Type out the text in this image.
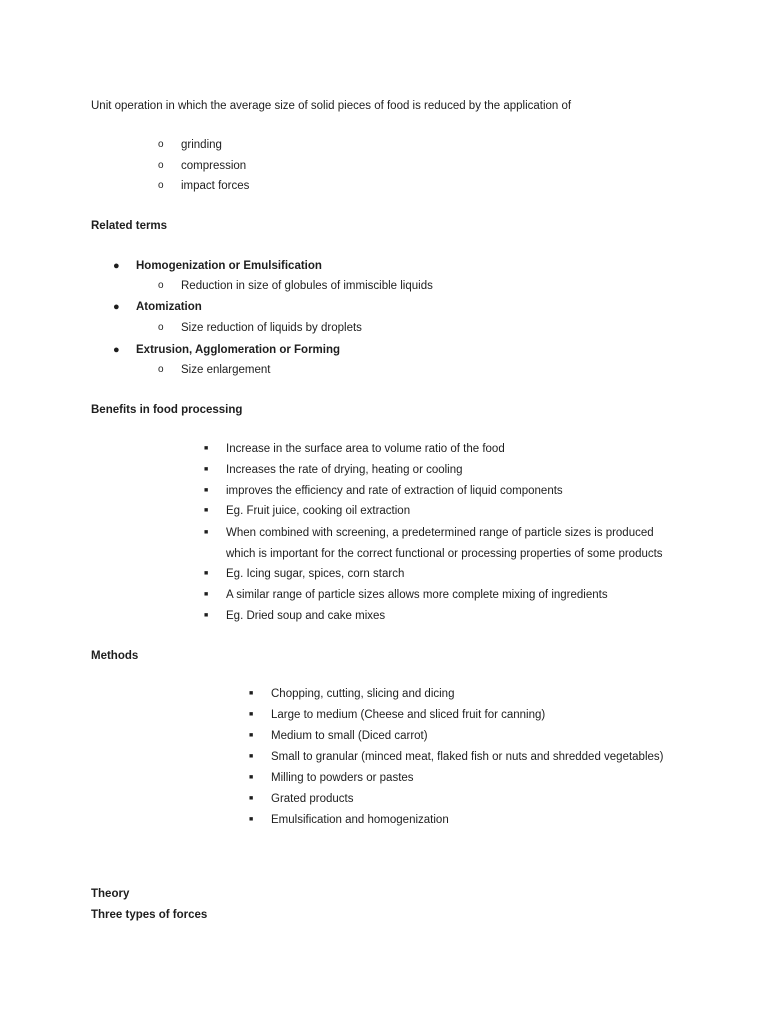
Unit operation in which the average size of solid pieces of food is reduced by the application of
o grinding
o compression
o impact forces
Related terms
● Homogenization or Emulsification
o Reduction in size of globules of immiscible liquids
● Atomization
o Size reduction of liquids by droplets
● Extrusion, Agglomeration or Forming
o Size enlargement
Benefits in food processing
■ Increase in the surface area to volume ratio of the food
■ Increases the rate of drying, heating or cooling
■ improves the efficiency and rate of extraction of liquid components
■ Eg. Fruit juice, cooking oil extraction
■ When combined with screening, a predetermined range of particle sizes is produced
which is important for the correct functional or processing properties of some products
■ Eg. Icing sugar, spices, corn starch
■ A similar range of particle sizes allows more complete mixing of ingredients
■ Eg. Dried soup and cake mixes
Methods
■ Chopping, cutting, slicing and dicing
■ Large to medium (Cheese and sliced fruit for canning)
■ Medium to small (Diced carrot)
■ Small to granular (minced meat, flaked fish or nuts and shredded vegetables)
■ Milling to powders or pastes
■ Grated products
■ Emulsification and homogenization
Theory
Three types of forces
